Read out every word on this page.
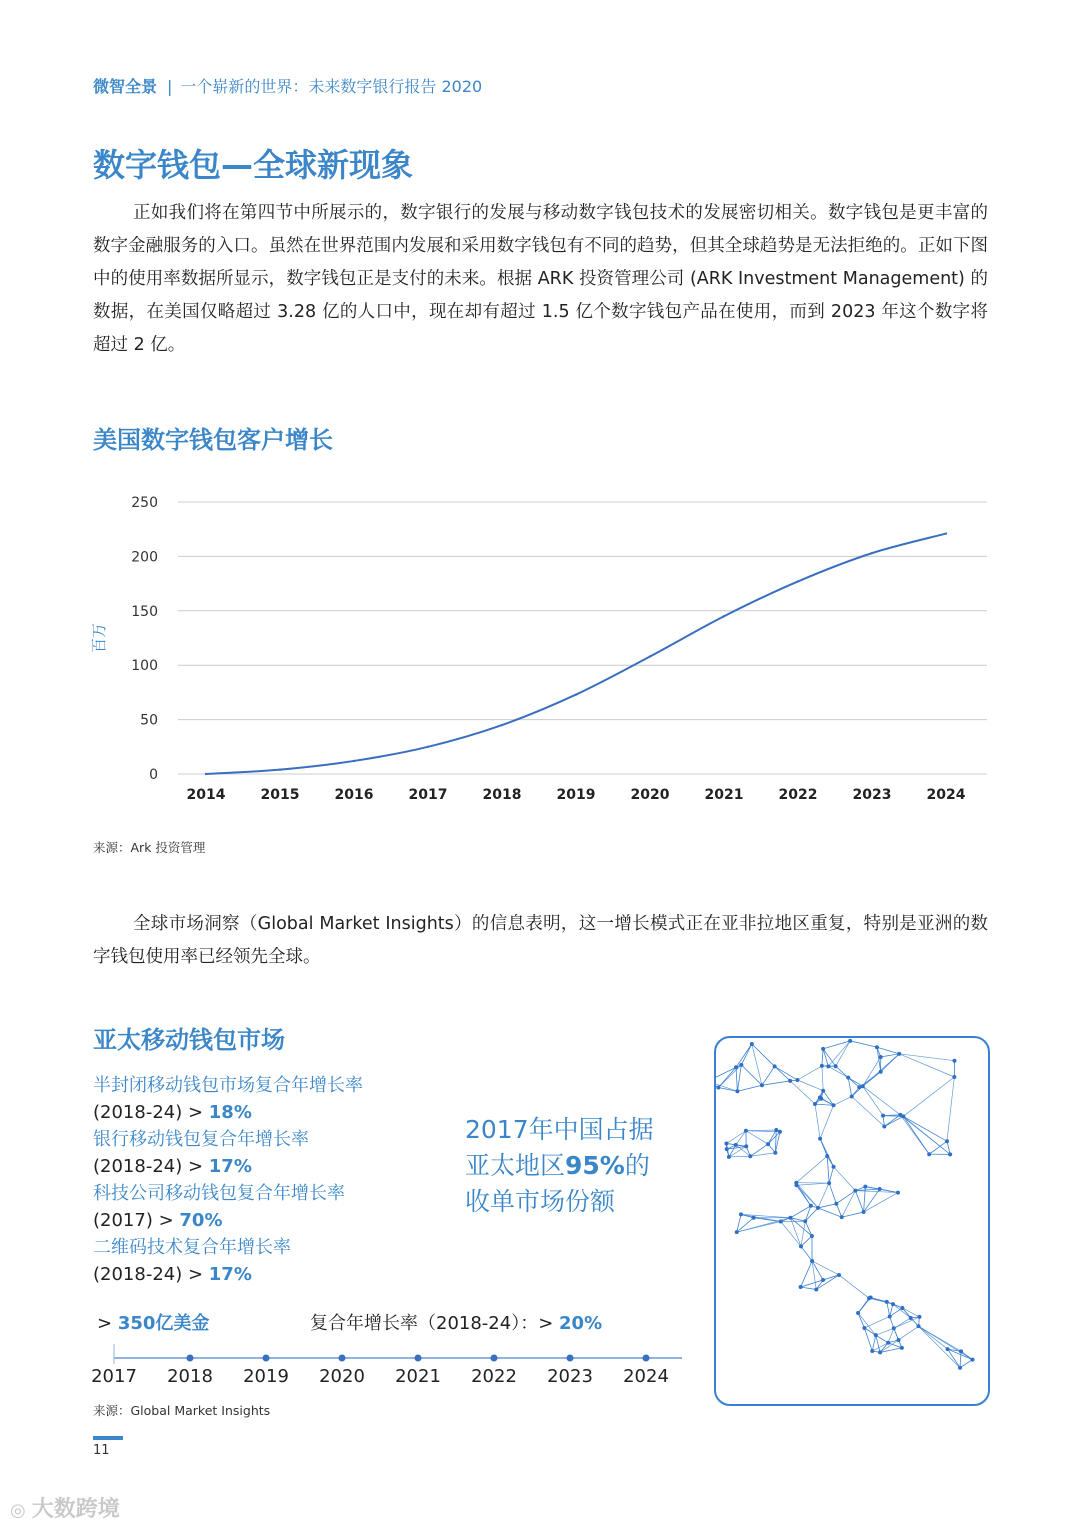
微智全景 | 一个崭新的世界：未来数字银行报告 2020
数字钱包—全球新现象

正如我们将在第四节中所展示的，数字银行的发展与移动数字钱包技术的发展密切相关。数字钱包是更丰富的数字金融服务的入口。虽然在世界范围内发展和采用数字钱包有不同的趋势，但其全球趋势是无法拒绝的。正如下图中的使用率数据所显示，数字钱包正是支付的未来。根据 ARK 投资管理公司 (ARK Investment Management) 的数据，在美国仅略超过 3.28 亿的人口中，现在却有超过 1.5 亿个数字钱包产品在使用，而到 2023 年这个数字将超过 2 亿。

美国数字钱包客户增长
0
50
100
150
200
250
百万
2014	2015	2016	2017	2018	2019	2020	2021	2022	2023	2024
来源：Ark 投资管理

全球市场洞察（Global Market Insights）的信息表明，这一增长模式正在亚非拉地区重复，特别是亚洲的数字钱包使用率已经领先全球。

亚太移动钱包市场
半封闭移动钱包市场复合年增长率
(2018-24) > 18%
银行移动钱包复合年增长率
(2018-24) > 17%
科技公司移动钱包复合年增长率
(2017) > 70%
二维码技术复合年增长率
(2018-24) > 17%
2017年中国占据
亚太地区95%的
收单市场份额
> 350亿美金	复合年增长率（2018-24）：> 20%
2017 2018 2019 2020 2021 2022 2023 2024
来源：Global Market Insights
11
◎ 大数跨境
